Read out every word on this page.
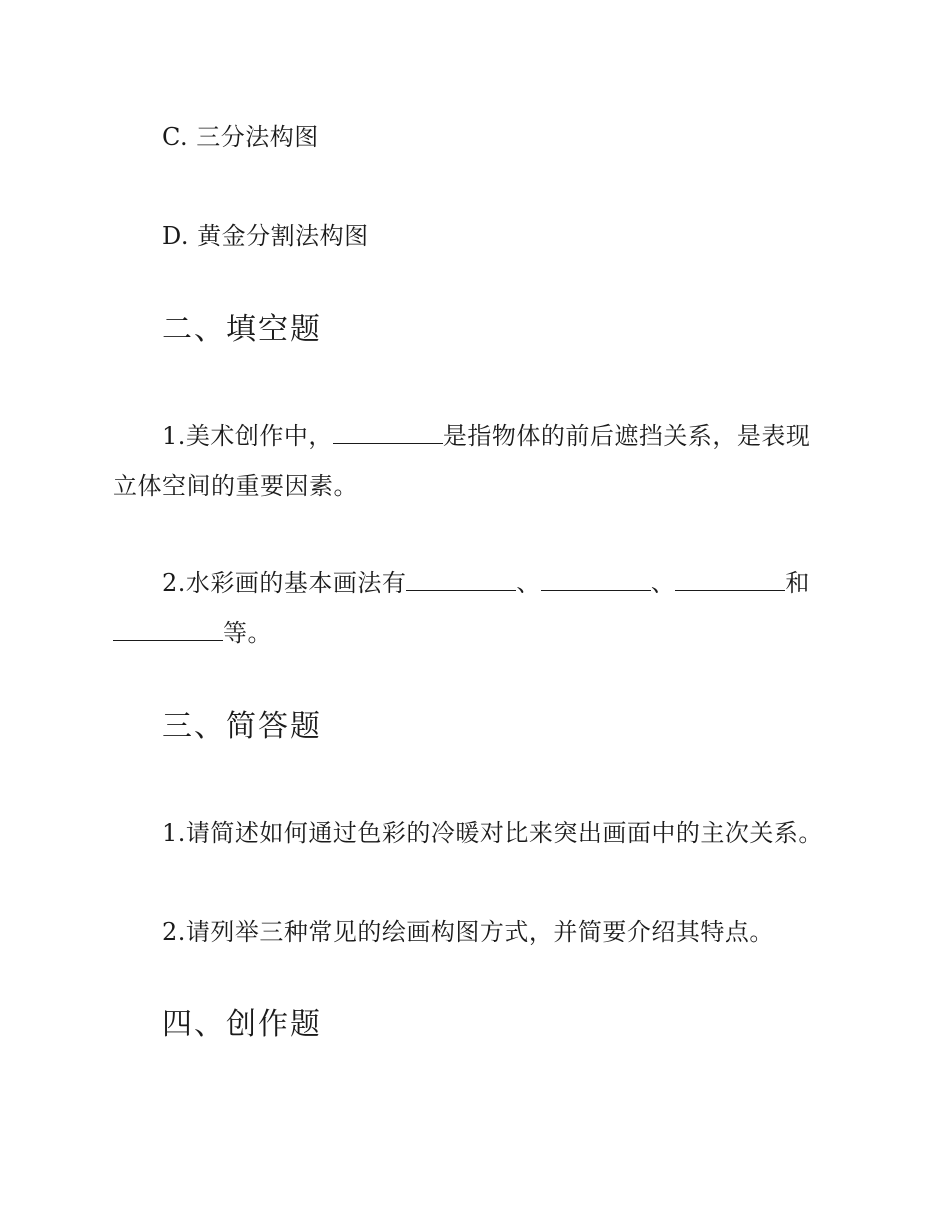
C. 三分法构图
D. 黄金分割法构图
二、填空题
1.美术创作中，	是指物体的前后遮挡关系，是表现
立体空间的重要因素。
2.水彩画的基本画法有	、	、	和
等。
三、简答题
1.请简述如何通过色彩的冷暖对比来突出画面中的主次关系。
2.请列举三种常见的绘画构图方式，并简要介绍其特点。
四、创作题
